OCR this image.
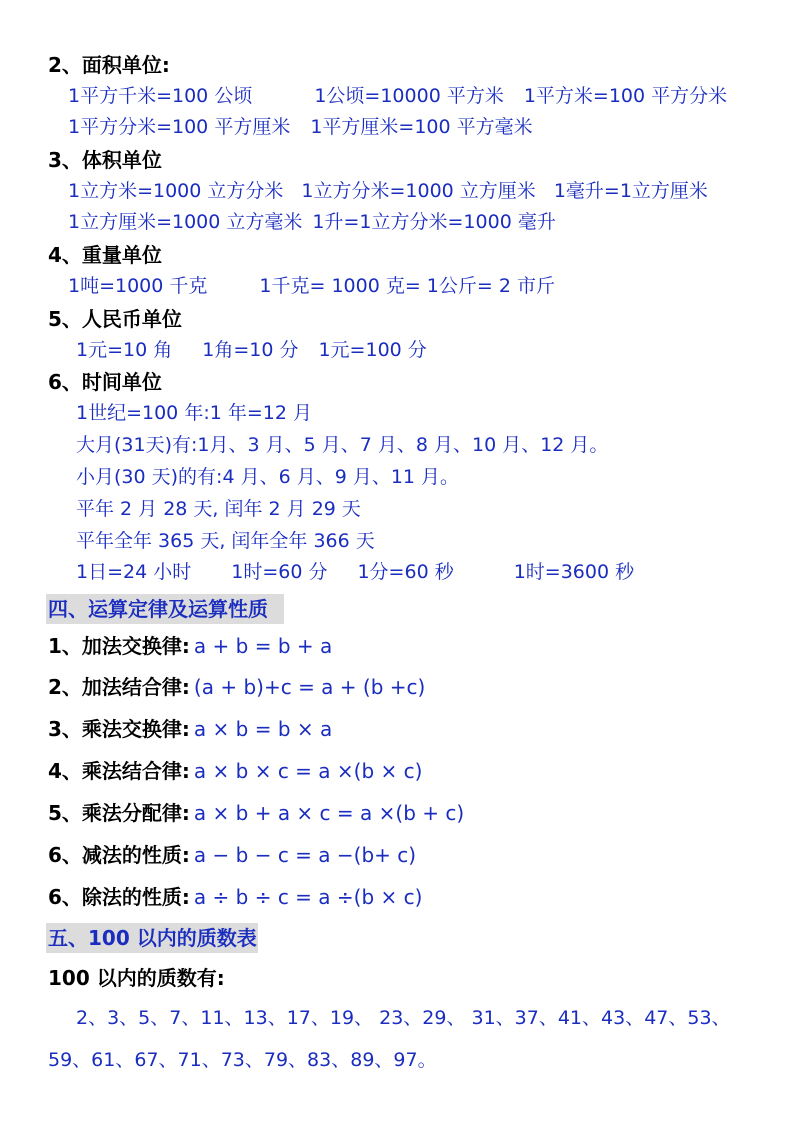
2、面积单位:
1平方千米=100 公顷	1公顷=10000 平方米 1平方米=100 平方分米
1平方分米=100 平方厘米 1平方厘米=100 平方毫米
3、体积单位
1立方米=1000 立方分米 1立方分米=1000 立方厘米 1毫升=1立方厘米
1立方厘米=1000 立方毫米 1升=1立方分米=1000 毫升
4、重量单位
1吨=1000 千克	1千克= 1000 克= 1公斤= 2 市斤
5、人民币单位
1元=10 角 1角=10 分 1元=100 分
6、时间单位
1世纪=100 年:1 年=12 月
大月(31天)有:1月、3 月、5 月、7 月、8 月、10 月、12 月。
小月(30 天)的有:4 月、6 月、9 月、11 月。
平年 2 月 28 天, 闰年 2 月 29 天
平年全年 365 天, 闰年全年 366 天
1日=24 小时 1时=60 分 1分=60 秒	1时=3600 秒
四、运算定律及运算性质
1、加法交换律: a + b = b + a
2、加法结合律: (a + b)+c = a + (b +c)
3、乘法交换律: a × b = b × a
4、乘法结合律: a × b × c = a ×(b × c)
5、乘法分配律: a × b + a × c = a ×(b + c)
6、减法的性质: a − b − c = a −(b+ c)
6、除法的性质: a ÷ b ÷ c = a ÷(b × c)
五、100 以内的质数表
100 以内的质数有:
2、3、5、7、11、13、17、19、 23、29、 31、37、41、43、47、53、
59、61、67、71、73、79、83、89、97。
